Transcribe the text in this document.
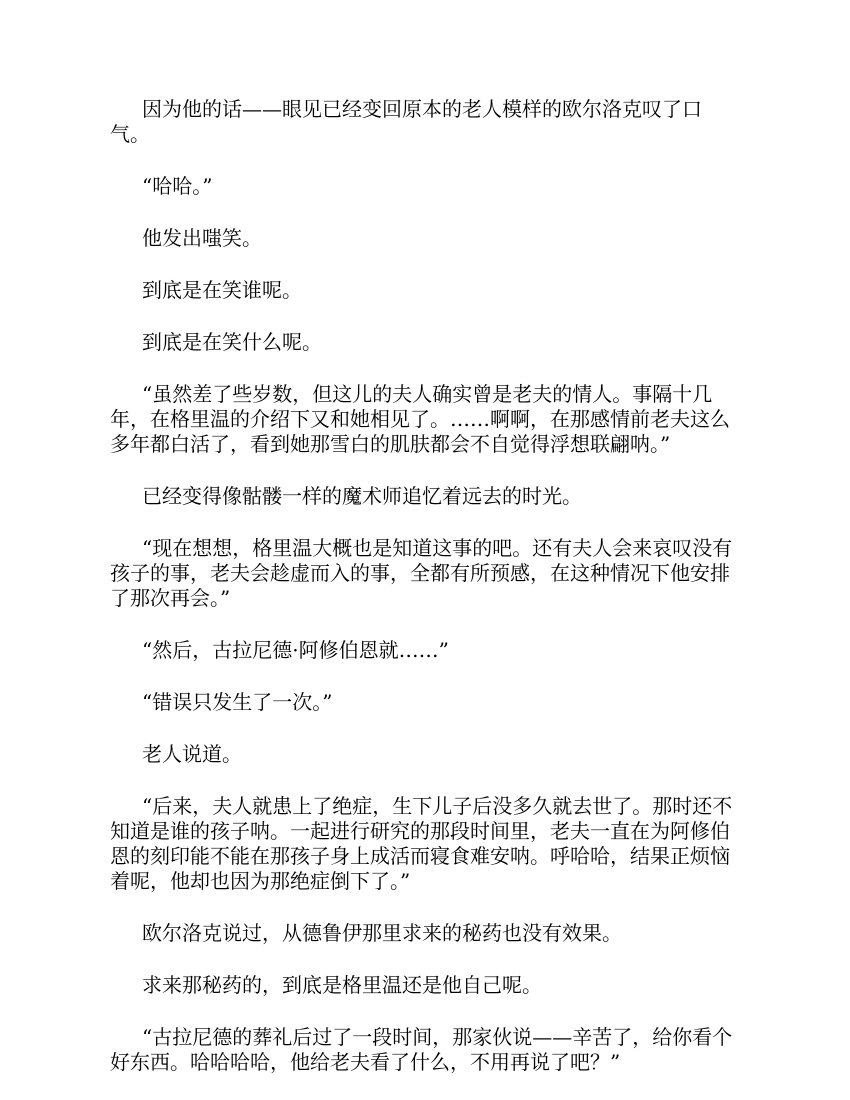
因为他的话——眼见已经变回原本的老人模样的欧尔洛克叹了口气。

“哈哈。”

他发出嗤笑。

到底是在笑谁呢。

到底是在笑什么呢。

“虽然差了些岁数，但这儿的夫人确实曾是老夫的情人。事隔十几年，在格里温的介绍下又和她相见了。……啊啊，在那感情前老夫这么多年都白活了，看到她那雪白的肌肤都会不自觉得浮想联翩呐。”

已经变得像骷髅一样的魔术师追忆着远去的时光。

“现在想想，格里温大概也是知道这事的吧。还有夫人会来哀叹没有孩子的事，老夫会趁虚而入的事，全都有所预感，在这种情况下他安排了那次再会。”

“然后，古拉尼德·阿修伯恩就……”

“错误只发生了一次。”

老人说道。

“后来，夫人就患上了绝症，生下儿子后没多久就去世了。那时还不知道是谁的孩子呐。一起进行研究的那段时间里，老夫一直在为阿修伯恩的刻印能不能在那孩子身上成活而寝食难安呐。呼哈哈，结果正烦恼着呢，他却也因为那绝症倒下了。”

欧尔洛克说过，从德鲁伊那里求来的秘药也没有效果。

求来那秘药的，到底是格里温还是他自己呢。

“古拉尼德的葬礼后过了一段时间，那家伙说——辛苦了，给你看个好东西。哈哈哈哈，他给老夫看了什么，不用再说了吧？”
